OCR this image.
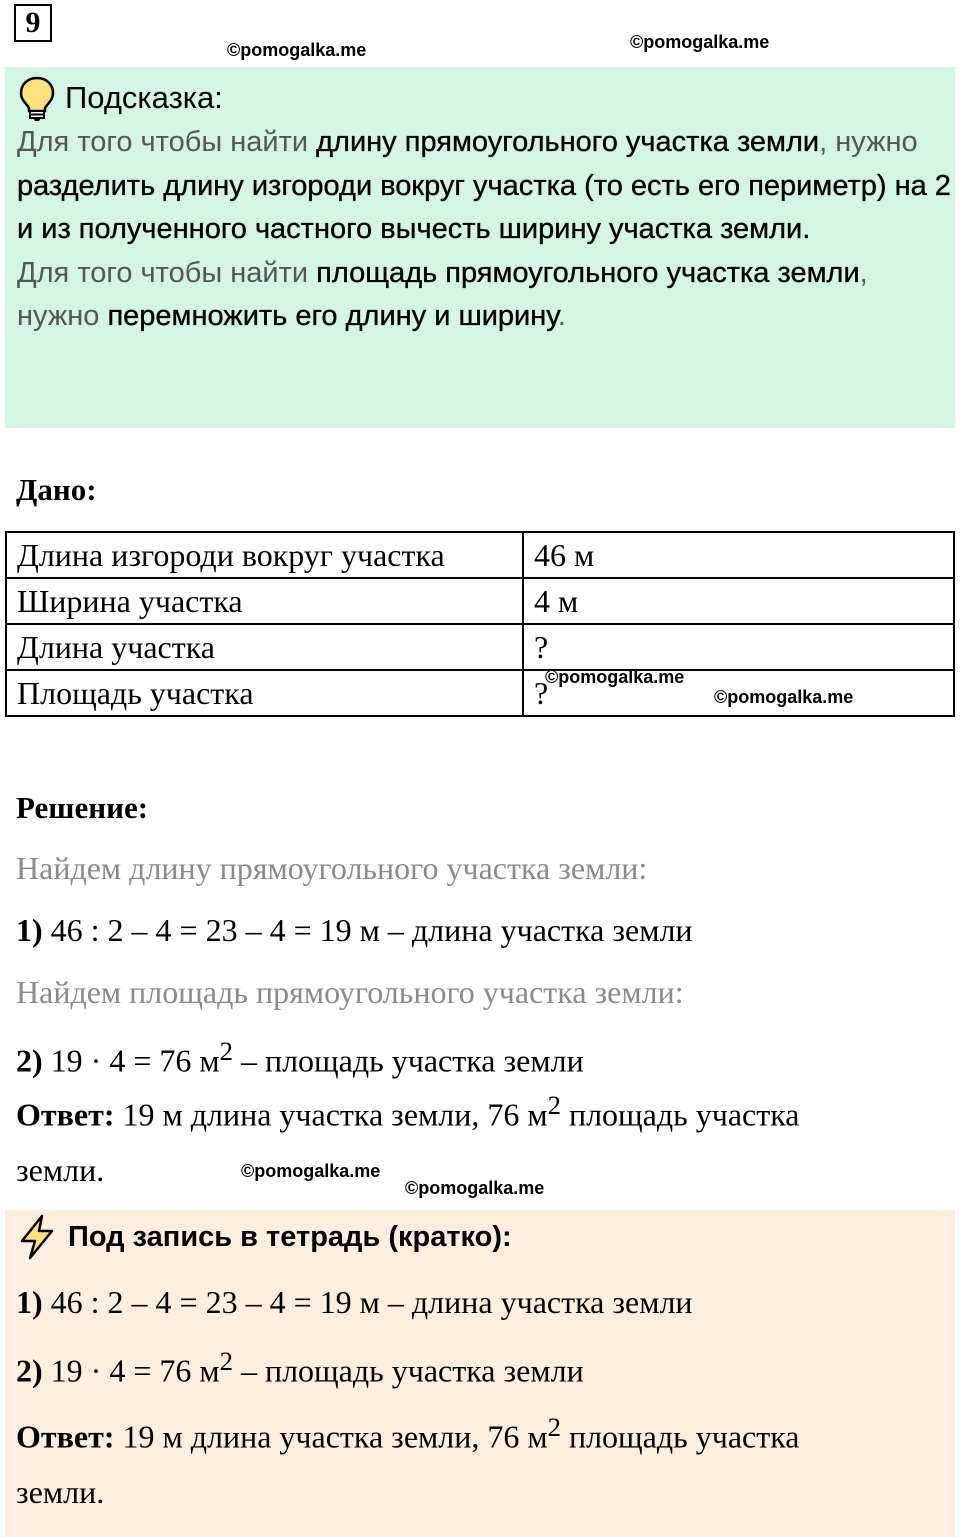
9
©pomogalka.me	©pomogalka.me
Подсказка:
Для того чтобы найти длину прямоугольного участка земли, нужно разделить длину изгороди вокруг участка (то есть его периметр) на 2 и из полученного частного вычесть ширину участка земли.
Для того чтобы найти площадь прямоугольного участка земли, нужно перемножить его длину и ширину.
Дано:
Длина изгороди вокруг участка	46 м
Ширина участка	4 м
Длина участка	?
Площадь участка	?
©pomogalka.me
©pomogalka.me
Решение:
Найдем длину прямоугольного участка земли:
1) 46 : 2 – 4 = 23 – 4 = 19 м – длина участка земли
Найдем площадь прямоугольного участка земли:
2) 19 · 4 = 76 $м^2$ – площадь участка земли
Ответ: 19 м длина участка земли, 76 $м^2$ площадь участка
земли.	©pomogalka.me
©pomogalka.me
Под запись в тетрадь (кратко):
1) 46 : 2 – 4 = 23 – 4 = 19 м – длина участка земли
2) 19 · 4 = 76 $м^2$ – площадь участка земли
Ответ: 19 м длина участка земли, 76 $м^2$ площадь участка
земли.
